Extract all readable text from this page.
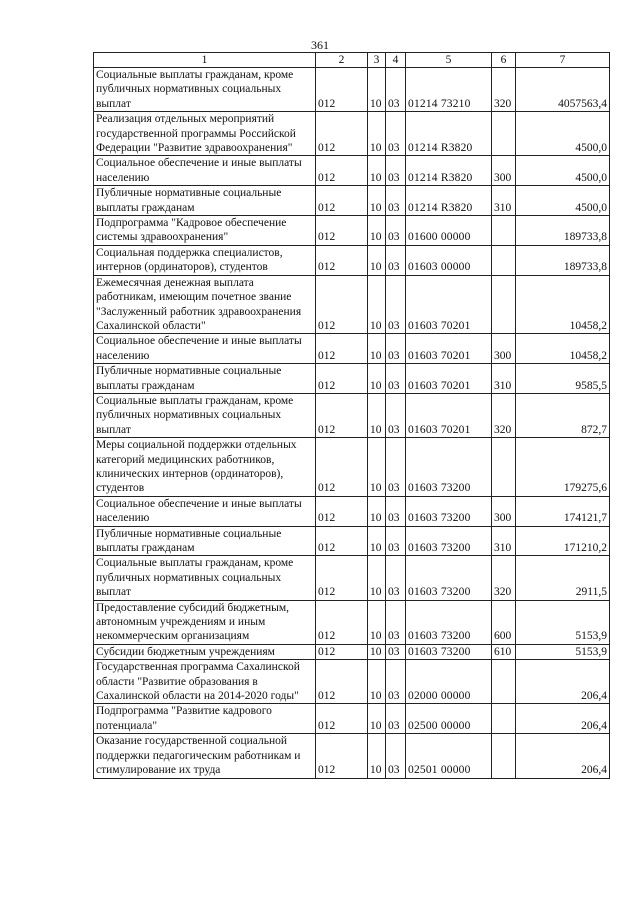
361
1	2	3	4	5	6	7
Социальные выплаты гражданам, кроме публичных нормативных социальных выплат	012	10	03	01214 73210	320	4057563,4
Реализация отдельных мероприятий государственной программы Российской Федерации "Развитие здравоохранения"	012	10	03	01214 R3820		4500,0
Социальное обеспечение и иные выплаты населению	012	10	03	01214 R3820	300	4500,0
Публичные нормативные социальные выплаты гражданам	012	10	03	01214 R3820	310	4500,0
Подпрограмма "Кадровое обеспечение системы здравоохранения"	012	10	03	01600 00000		189733,8
Социальная поддержка специалистов, интернов (ординаторов), студентов	012	10	03	01603 00000		189733,8
Ежемесячная денежная выплата работникам, имеющим почетное звание "Заслуженный работник здравоохранения Сахалинской области"	012	10	03	01603 70201		10458,2
Социальное обеспечение и иные выплаты населению	012	10	03	01603 70201	300	10458,2
Публичные нормативные социальные выплаты гражданам	012	10	03	01603 70201	310	9585,5
Социальные выплаты гражданам, кроме публичных нормативных социальных выплат	012	10	03	01603 70201	320	872,7
Меры социальной поддержки отдельных категорий медицинских работников, клинических интернов (ординаторов), студентов	012	10	03	01603 73200		179275,6
Социальное обеспечение и иные выплаты населению	012	10	03	01603 73200	300	174121,7
Публичные нормативные социальные выплаты гражданам	012	10	03	01603 73200	310	171210,2
Социальные выплаты гражданам, кроме публичных нормативных социальных выплат	012	10	03	01603 73200	320	2911,5
Предоставление субсидий бюджетным, автономным учреждениям и иным некоммерческим организациям	012	10	03	01603 73200	600	5153,9
Субсидии бюджетным учреждениям	012	10	03	01603 73200	610	5153,9
Государственная программа Сахалинской области "Развитие образования в Сахалинской области на 2014-2020 годы"	012	10	03	02000 00000		206,4
Подпрограмма "Развитие кадрового потенциала"	012	10	03	02500 00000		206,4
Оказание государственной социальной поддержки педагогическим работникам и стимулирование их труда	012	10	03	02501 00000		206,4
